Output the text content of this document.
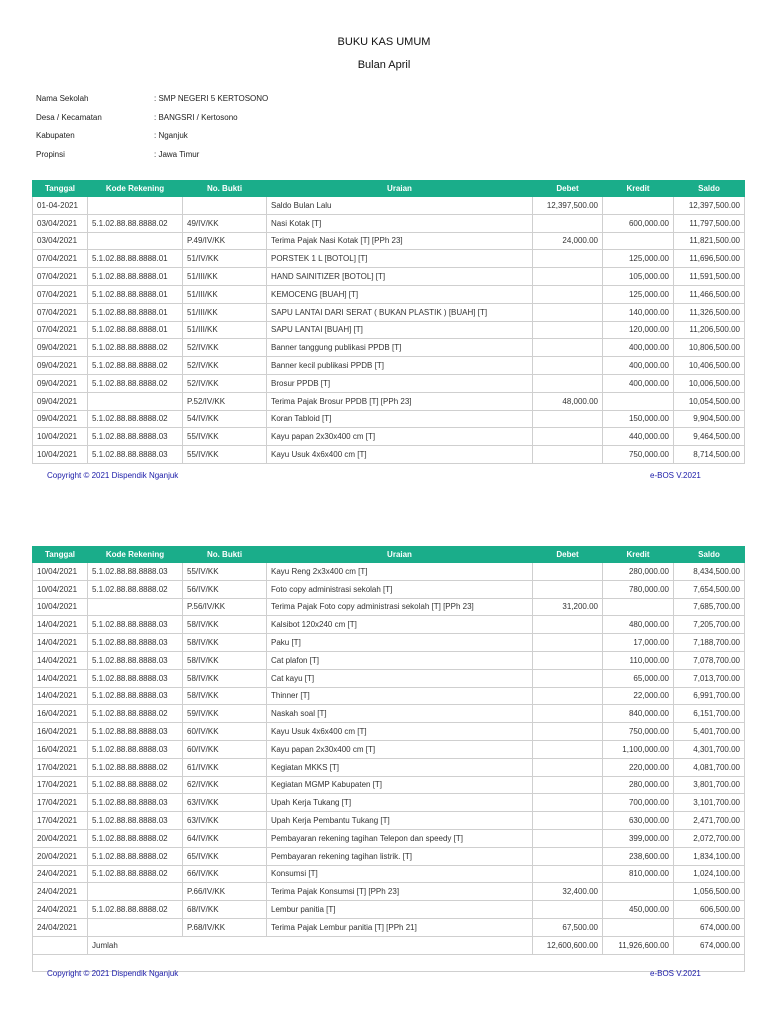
BUKU KAS UMUM
Bulan April
Nama Sekolah	: SMP NEGERI 5 KERTOSONO
Desa / Kecamatan	: BANGSRI / Kertosono
Kabupaten	: Nganjuk
Propinsi	: Jawa Timur
Tanggal	Kode Rekening	No. Bukti	Uraian	Debet	Kredit	Saldo
01-04-2021			Saldo Bulan Lalu	12,397,500.00		12,397,500.00
03/04/2021	5.1.02.88.88.8888.02	49/IV/KK	Nasi Kotak [T]		600,000.00	11,797,500.00
03/04/2021		P.49/IV/KK	Terima Pajak Nasi Kotak [T] [PPh 23]	24,000.00		11,821,500.00
07/04/2021	5.1.02.88.88.8888.01	51/IV/KK	PORSTEK 1 L [BOTOL] [T]		125,000.00	11,696,500.00
07/04/2021	5.1.02.88.88.8888.01	51/III/KK	HAND SAINITIZER [BOTOL] [T]		105,000.00	11,591,500.00
07/04/2021	5.1.02.88.88.8888.01	51/III/KK	KEMOCENG [BUAH] [T]		125,000.00	11,466,500.00
07/04/2021	5.1.02.88.88.8888.01	51/III/KK	SAPU LANTAI DARI SERAT ( BUKAN PLASTIK ) [BUAH] [T]		140,000.00	11,326,500.00
07/04/2021	5.1.02.88.88.8888.01	51/III/KK	SAPU LANTAI [BUAH] [T]		120,000.00	11,206,500.00
09/04/2021	5.1.02.88.88.8888.02	52/IV/KK	Banner tanggung publikasi PPDB [T]		400,000.00	10,806,500.00
09/04/2021	5.1.02.88.88.8888.02	52/IV/KK	Banner kecil publikasi PPDB [T]		400,000.00	10,406,500.00
09/04/2021	5.1.02.88.88.8888.02	52/IV/KK	Brosur PPDB [T]		400,000.00	10,006,500.00
09/04/2021		P.52/IV/KK	Terima Pajak Brosur PPDB [T] [PPh 23]	48,000.00		10,054,500.00
09/04/2021	5.1.02.88.88.8888.02	54/IV/KK	Koran Tabloid [T]		150,000.00	9,904,500.00
10/04/2021	5.1.02.88.88.8888.03	55/IV/KK	Kayu papan 2x30x400 cm [T]		440,000.00	9,464,500.00
10/04/2021	5.1.02.88.88.8888.03	55/IV/KK	Kayu Usuk 4x6x400 cm [T]		750,000.00	8,714,500.00
Copyright © 2021 Dispendik Nganjuk	e-BOS V.2021
Tanggal	Kode Rekening	No. Bukti	Uraian	Debet	Kredit	Saldo
10/04/2021	5.1.02.88.88.8888.03	55/IV/KK	Kayu Reng 2x3x400 cm [T]		280,000.00	8,434,500.00
10/04/2021	5.1.02.88.88.8888.02	56/IV/KK	Foto copy administrasi sekolah [T]		780,000.00	7,654,500.00
10/04/2021		P.56/IV/KK	Terima Pajak Foto copy administrasi sekolah [T] [PPh 23]	31,200.00		7,685,700.00
14/04/2021	5.1.02.88.88.8888.03	58/IV/KK	Kalsibot 120x240 cm [T]		480,000.00	7,205,700.00
14/04/2021	5.1.02.88.88.8888.03	58/IV/KK	Paku [T]		17,000.00	7,188,700.00
14/04/2021	5.1.02.88.88.8888.03	58/IV/KK	Cat plafon [T]		110,000.00	7,078,700.00
14/04/2021	5.1.02.88.88.8888.03	58/IV/KK	Cat kayu [T]		65,000.00	7,013,700.00
14/04/2021	5.1.02.88.88.8888.03	58/IV/KK	Thinner [T]		22,000.00	6,991,700.00
16/04/2021	5.1.02.88.88.8888.02	59/IV/KK	Naskah soal [T]		840,000.00	6,151,700.00
16/04/2021	5.1.02.88.88.8888.03	60/IV/KK	Kayu Usuk 4x6x400 cm [T]		750,000.00	5,401,700.00
16/04/2021	5.1.02.88.88.8888.03	60/IV/KK	Kayu papan 2x30x400 cm [T]		1,100,000.00	4,301,700.00
17/04/2021	5.1.02.88.88.8888.02	61/IV/KK	Kegiatan MKKS [T]		220,000.00	4,081,700.00
17/04/2021	5.1.02.88.88.8888.02	62/IV/KK	Kegiatan MGMP Kabupaten [T]		280,000.00	3,801,700.00
17/04/2021	5.1.02.88.88.8888.03	63/IV/KK	Upah Kerja Tukang [T]		700,000.00	3,101,700.00
17/04/2021	5.1.02.88.88.8888.03	63/IV/KK	Upah Kerja Pembantu Tukang [T]		630,000.00	2,471,700.00
20/04/2021	5.1.02.88.88.8888.02	64/IV/KK	Pembayaran rekening tagihan Telepon dan speedy [T]		399,000.00	2,072,700.00
20/04/2021	5.1.02.88.88.8888.02	65/IV/KK	Pembayaran rekening tagihan listrik. [T]		238,600.00	1,834,100.00
24/04/2021	5.1.02.88.88.8888.02	66/IV/KK	Konsumsi [T]		810,000.00	1,024,100.00
24/04/2021		P.66/IV/KK	Terima Pajak Konsumsi [T] [PPh 23]	32,400.00		1,056,500.00
24/04/2021	5.1.02.88.88.8888.02	68/IV/KK	Lembur panitia [T]		450,000.00	606,500.00
24/04/2021		P.68/IV/KK	Terima Pajak Lembur panitia [T] [PPh 21]	67,500.00		674,000.00
	Jumlah			12,600,600.00	11,926,600.00	674,000.00

Copyright © 2021 Dispendik Nganjuk	e-BOS V.2021
